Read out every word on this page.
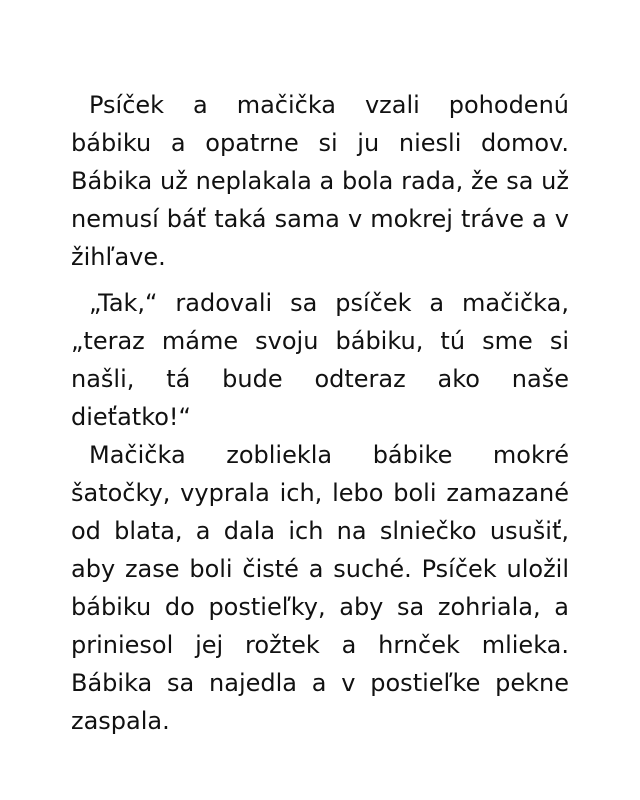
Psíček a mačička vzali pohodenú bábiku a opatrne si ju niesli domov. Bábika už neplakala a bola rada, že sa už nemusí báť taká sama v mokrej tráve a v žihľave.

„Tak,“ radovali sa psíček a mačička, „teraz máme svoju bábiku, tú sme si našli, tá bude odteraz ako naše dieťatko!“

Mačička zobliekla bábike mokré šatočky, vyprala ich, lebo boli zamazané od blata, a dala ich na slniečko usušiť, aby zase boli čisté a suché. Psíček uložil bábiku do postieľky, aby sa zohriala, a priniesol jej rožtek a hrnček mlieka. Bábika sa najedla a v postieľke pekne zaspala.
